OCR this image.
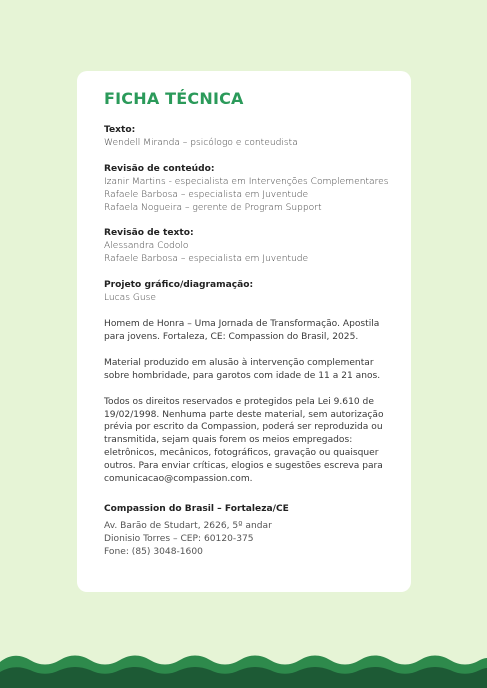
FICHA TÉCNICA
Texto:
Wendell Miranda – psicólogo e conteudista
Revisão de conteúdo:
Izanir Martins - especialista em Intervenções Complementares
Rafaele Barbosa – especialista em Juventude
Rafaela Nogueira – gerente de Program Support
Revisão de texto:
Alessandra Codolo
Rafaele Barbosa – especialista em Juventude
Projeto gráfico/diagramação:
Lucas Guse
Homem de Honra – Uma Jornada de Transformação. Apostila para jovens. Fortaleza, CE: Compassion do Brasil, 2025.
Material produzido em alusão à intervenção complementar sobre hombridade, para garotos com idade de 11 a 21 anos.
Todos os direitos reservados e protegidos pela Lei 9.610 de 19/02/1998. Nenhuma parte deste material, sem autorização prévia por escrito da Compassion, poderá ser reproduzida ou transmitida, sejam quais forem os meios empregados: eletrônicos, mecânicos, fotográficos, gravação ou quaisquer outros. Para enviar críticas, elogios e sugestões escreva para comunicacao@compassion.com.
Compassion do Brasil – Fortaleza/CE
Av. Barão de Studart, 2626, 5º andar
Dionisio Torres – CEP: 60120-375
Fone: (85) 3048-1600
